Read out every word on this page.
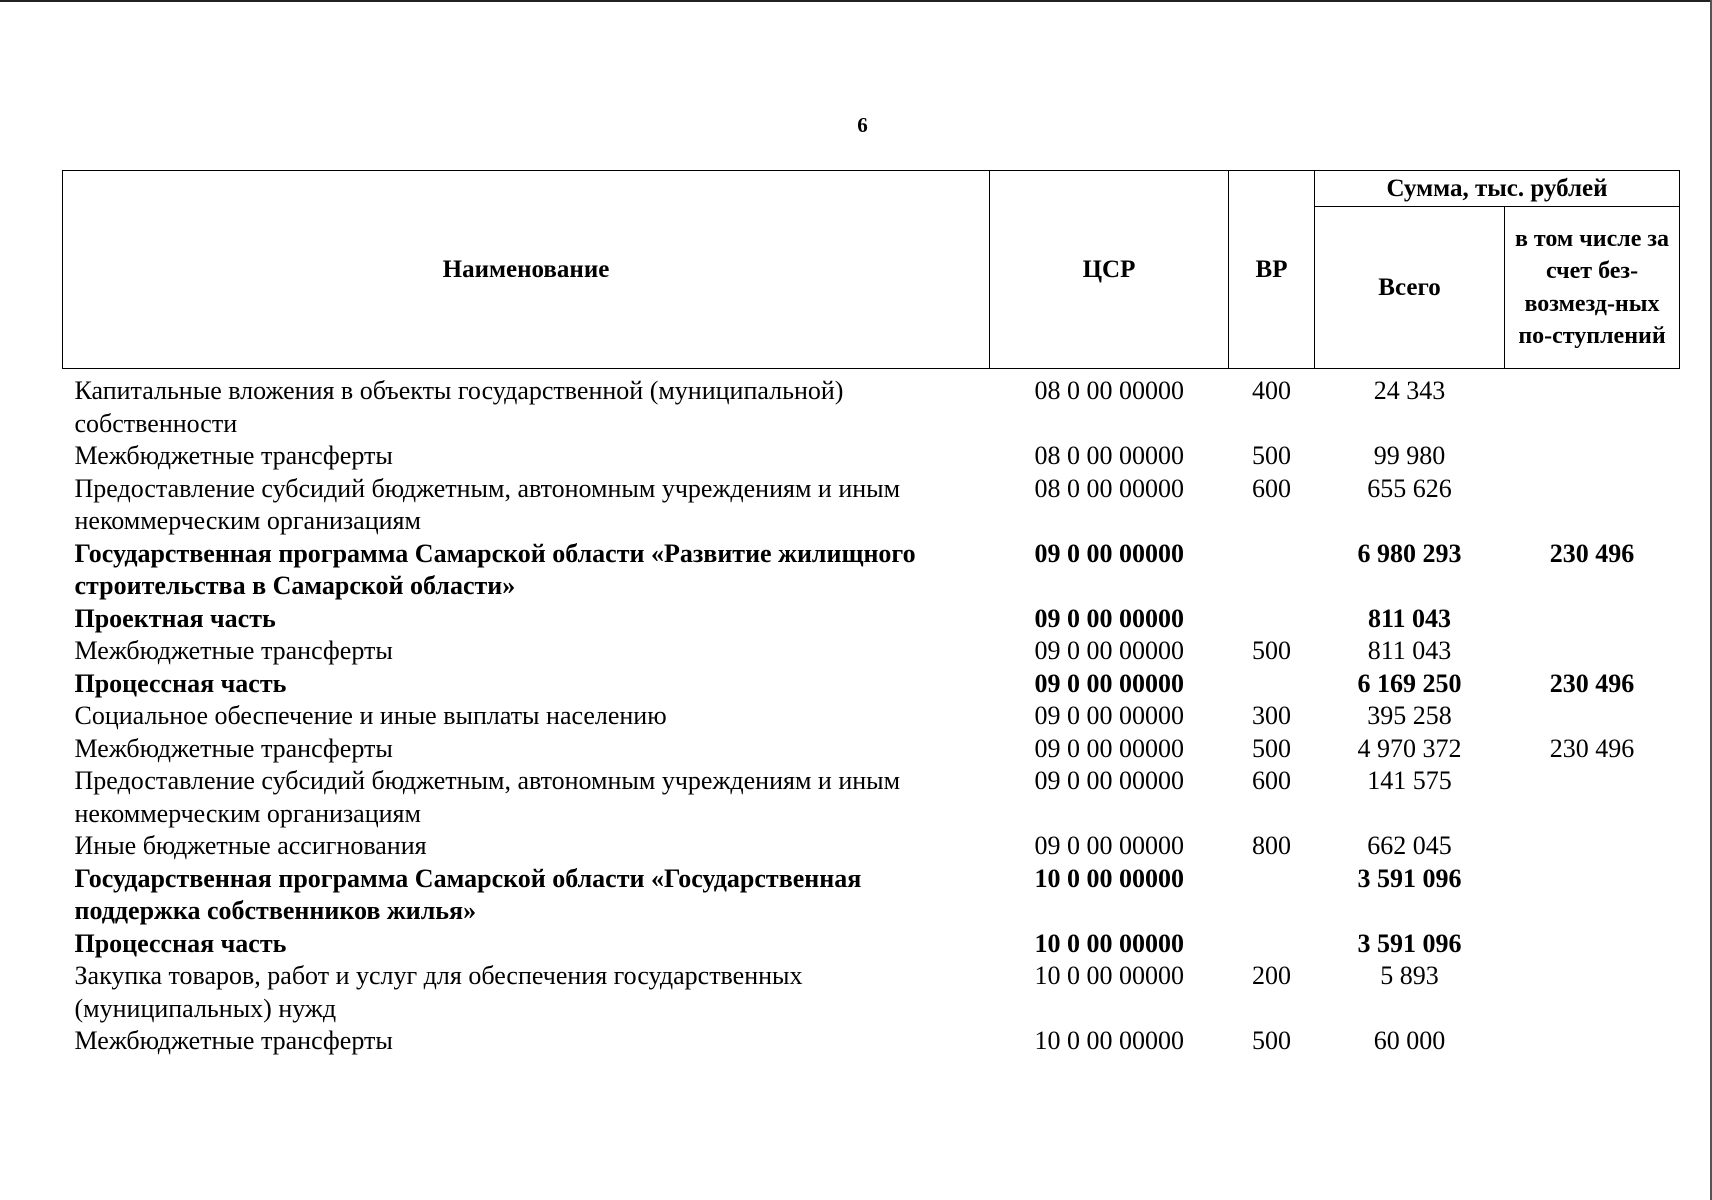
6
Наименование	ЦСР	ВР	Сумма, тыс. рублей	
			Всего	в том числе за счет без-возмезд-ных по-ступлений
Капитальные вложения в объекты государственной (муниципальной) собственности	08 0 00 00000	400	24 343	
Межбюджетные трансферты	08 0 00 00000	500	99 980	
Предоставление субсидий бюджетным, автономным учреждениям и иным некоммерческим организациям	08 0 00 00000	600	655 626	
Государственная программа Самарской области «Развитие жилищного строительства в Самарской области»	09 0 00 00000		6 980 293	230 496
Проектная часть	09 0 00 00000		811 043	
Межбюджетные трансферты	09 0 00 00000	500	811 043	
Процессная часть	09 0 00 00000		6 169 250	230 496
Социальное обеспечение и иные выплаты населению	09 0 00 00000	300	395 258	
Межбюджетные трансферты	09 0 00 00000	500	4 970 372	230 496
Предоставление субсидий бюджетным, автономным учреждениям и иным некоммерческим организациям	09 0 00 00000	600	141 575	
Иные бюджетные ассигнования	09 0 00 00000	800	662 045	
Государственная программа Самарской области «Государственная поддержка собственников жилья»	10 0 00 00000		3 591 096	
Процессная часть	10 0 00 00000		3 591 096	
Закупка товаров, работ и услуг для обеспечения государственных (муниципальных) нужд	10 0 00 00000	200	5 893	
Межбюджетные трансферты	10 0 00 00000	500	60 000	
